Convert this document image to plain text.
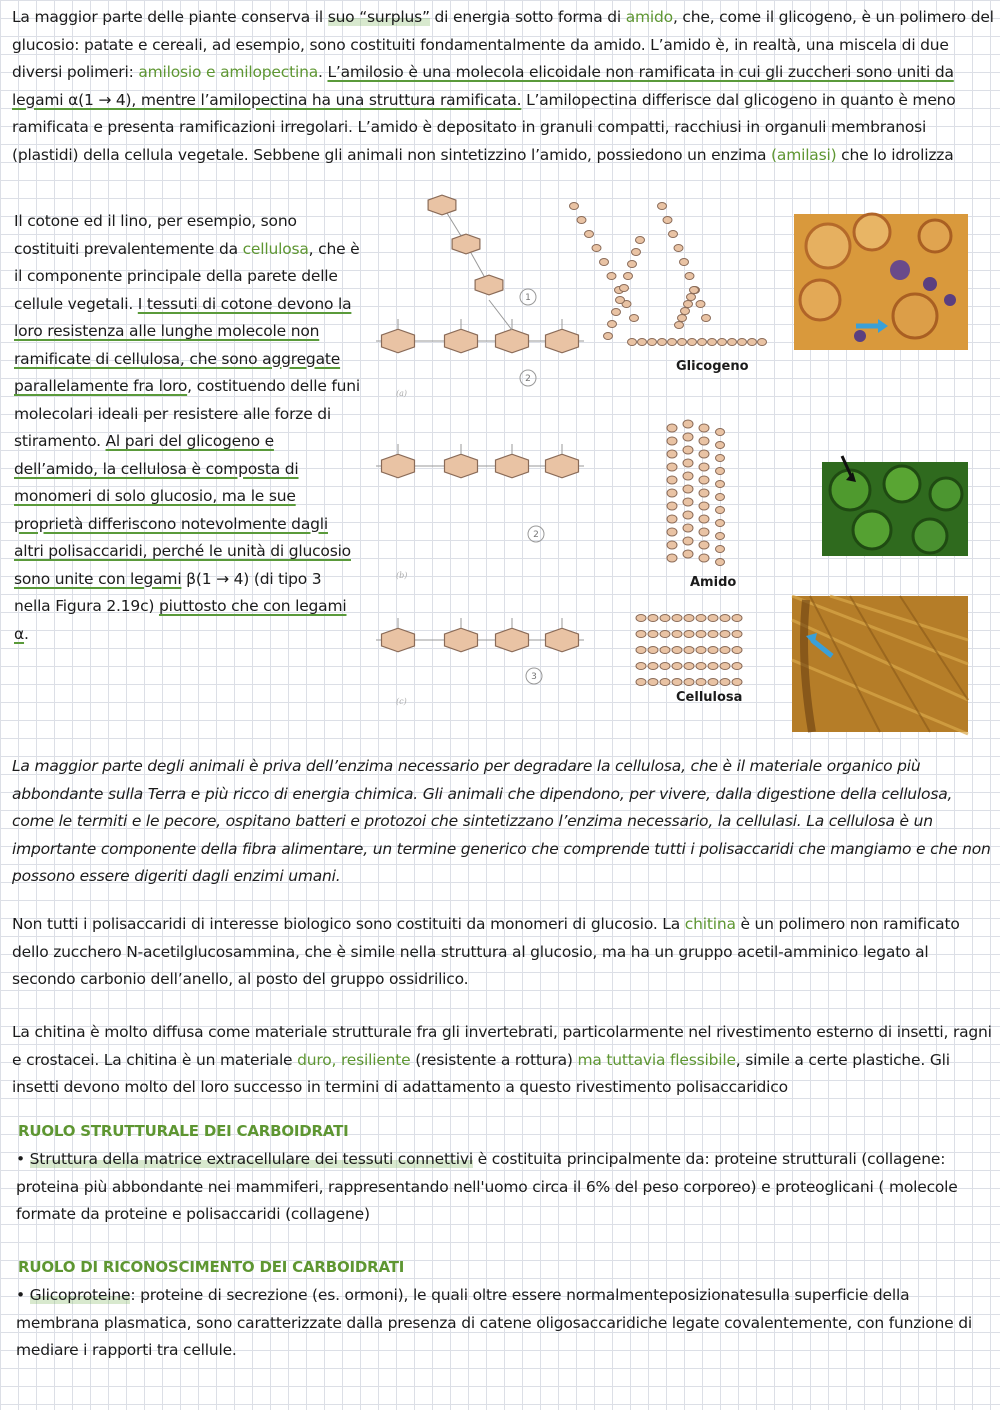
La maggior parte delle piante conserva il suo “surplus” di energia sotto forma di amido, che, come il glicogeno, è un polimero del glucosio: patate e cereali, ad esempio, sono costituiti fondamentalmente da amido. L’amido è, in realtà, una miscela di due diversi polimeri: amilosio e amilopectina. L’amilosio è una molecola elicoidale non ramificata in cui gli zuccheri sono uniti da legami α(1 → 4), mentre l’amilopectina ha una struttura ramificata. L’amilopectina differisce dal glicogeno in quanto è meno ramificata e presenta ramificazioni irregolari. L’amido è depositato in granuli compatti, racchiusi in organuli membranosi (plastidi) della cellula vegetale. Sebbene gli animali non sintetizzino l’amido, possiedono un enzima (amilasi) che lo idrolizza
Il cotone ed il lino, per esempio, sono costituiti prevalentemente da cellulosa, che è il componente principale della parete delle cellule vegetali. I tessuti di cotone devono la loro resistenza alle lunghe molecole non ramificate di cellulosa, che sono aggregate parallelamente fra loro, costituendo delle funi molecolari ideali per resistere alle forze di stiramento. Al pari del glicogeno e dell’amido, la cellulosa è composta di monomeri di solo glucosio, ma le sue proprietà differiscono notevolmente dagli altri polisaccaridi, perché le unità di glucosio sono unite con legami β(1 → 4) (di tipo 3 nella Figura 2.19c) piuttosto che con legami α.
Glicogeno
Amido
Cellulosa
1
2
2
3
(a)
(b)
(c)
La maggior parte degli animali è priva dell’enzima necessario per degradare la cellulosa, che è il materiale organico più abbondante sulla Terra e più ricco di energia chimica. Gli animali che dipendono, per vivere, dalla digestione della cellulosa, come le termiti e le pecore, ospitano batteri e protozoi che sintetizzano l’enzima necessario, la cellulasi. La cellulosa è un importante componente della fibra alimentare, un termine generico che comprende tutti i polisaccaridi che mangiamo e che non possono essere digeriti dagli enzimi umani.
Non tutti i polisaccaridi di interesse biologico sono costituiti da monomeri di glucosio. La chitina è un polimero non ramificato dello zucchero N-acetilglucosammina, che è simile nella struttura al glucosio, ma ha un gruppo acetil-amminico legato al secondo carbonio dell’anello, al posto del gruppo ossidrilico.
La chitina è molto diffusa come materiale strutturale fra gli invertebrati, particolarmente nel rivestimento esterno di insetti, ragni e crostacei. La chitina è un materiale duro, resiliente (resistente a rottura) ma tuttavia flessibile, simile a certe plastiche. Gli insetti devono molto del loro successo in termini di adattamento a questo rivestimento polisaccaridico
RUOLO STRUTTURALE DEI CARBOIDRATI
• Struttura della matrice extracellulare dei tessuti connettivi è costituita principalmente da: proteine strutturali (collagene: proteina più abbondante nei mammiferi, rappresentando nell'uomo circa il 6% del peso corporeo) e proteoglicani ( molecole formate da proteine e polisaccaridi (collagene)
RUOLO DI RICONOSCIMENTO DEI CARBOIDRATI
• Glicoproteine: proteine di secrezione (es. ormoni), le quali oltre essere normalmenteposizionatesulla superficie della membrana plasmatica, sono caratterizzate dalla presenza di catene oligosaccaridiche legate covalentemente, con funzione di mediare i rapporti tra cellule.
